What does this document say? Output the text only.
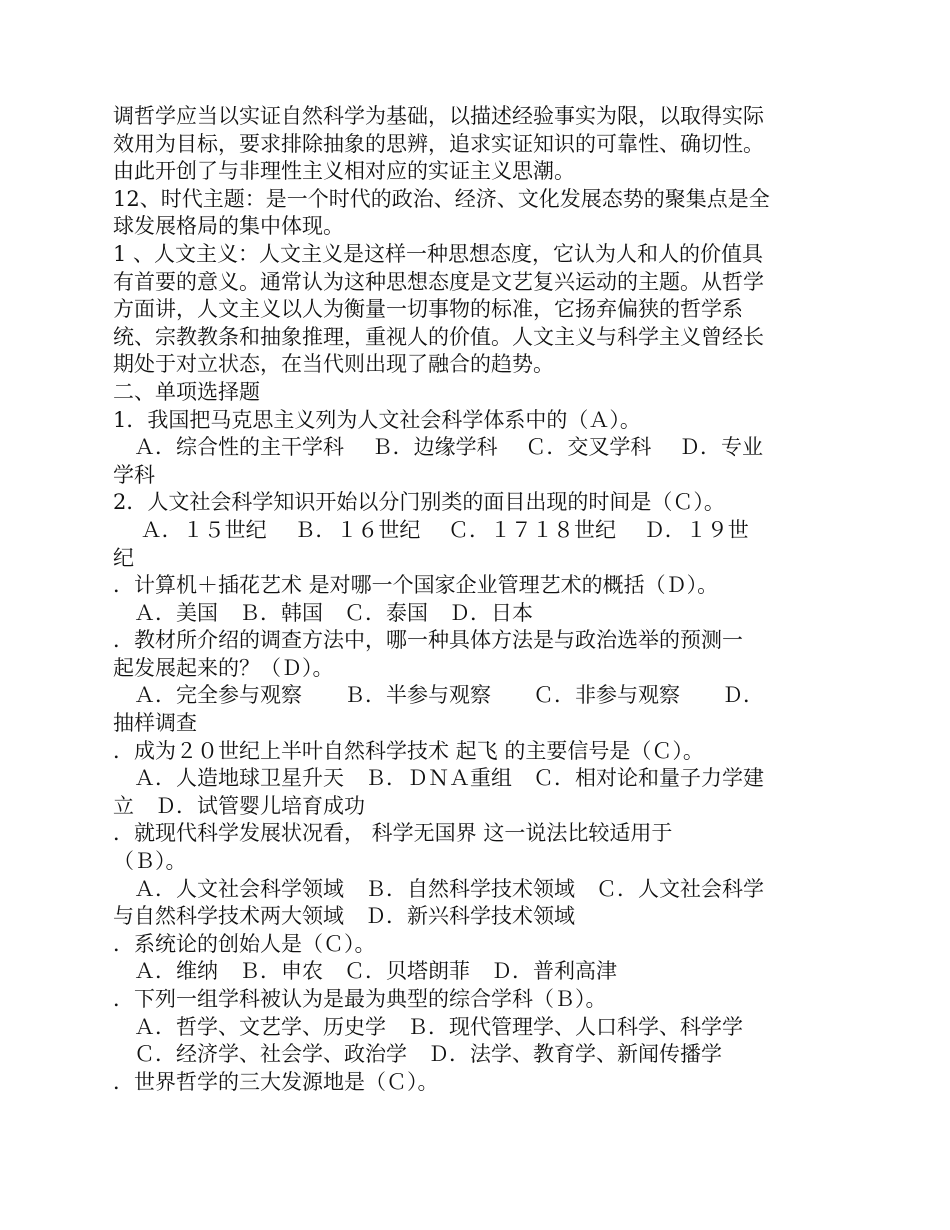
调哲学应当以实证自然科学为基础，以描述经验事实为限，以取得实际
效用为目标，要求排除抽象的思辨，追求实证知识的可靠性、确切性。
由此开创了与非理性主义相对应的实证主义思潮。
12、时代主题：是一个时代的政治、经济、文化发展态势的聚集点是全
球发展格局的集中体现。
1 、人文主义：人文主义是这样一种思想态度，它认为人和人的价值具
有首要的意义。通常认为这种思想态度是文艺复兴运动的主题。从哲学
方面讲，人文主义以人为衡量一切事物的标准，它扬弃偏狭的哲学系
统、宗教教条和抽象推理，重视人的价值。人文主义与科学主义曾经长
期处于对立状态，在当代则出现了融合的趋势。
二、单项选择题
1．我国把马克思主义列为人文社会科学体系中的（Ａ）。
　Ａ．综合性的主干学科　 Ｂ．边缘学科　 Ｃ．交叉学科　 Ｄ．专业
学科
2．人文社会科学知识开始以分门别类的面目出现的时间是（Ｃ）。
　 Ａ．１５世纪　 Ｂ．１６世纪　 Ｃ．１７１８世纪　 Ｄ．１９世
纪
．计算机＋插花艺术 是对哪一个国家企业管理艺术的概括（Ｄ）。
　Ａ．美国　Ｂ．韩国　Ｃ．泰国　Ｄ．日本
．教材所介绍的调查方法中，哪一种具体方法是与政治选举的预测一
起发展起来的？（Ｄ）。
　Ａ．完全参与观察　　Ｂ．半参与观察　　Ｃ．非参与观察　　Ｄ．
抽样调查
．成为２０世纪上半叶自然科学技术 起飞 的主要信号是（Ｃ）。
　Ａ．人造地球卫星升天　Ｂ．ＤＮＡ重组　Ｃ．相对论和量子力学建
立　Ｄ．试管婴儿培育成功
．就现代科学发展状况看， 科学无国界 这一说法比较适用于
（Ｂ）。
　Ａ．人文社会科学领域　Ｂ．自然科学技术领域　Ｃ．人文社会科学
与自然科学技术两大领域　Ｄ．新兴科学技术领域
．系统论的创始人是（Ｃ）。
　Ａ．维纳　Ｂ．申农　Ｃ．贝塔朗菲　Ｄ．普利高津
．下列一组学科被认为是最为典型的综合学科（Ｂ）。
　Ａ．哲学、文艺学、历史学　Ｂ．现代管理学、人口科学、科学学
　Ｃ．经济学、社会学、政治学　Ｄ．法学、教育学、新闻传播学
．世界哲学的三大发源地是（Ｃ）。
